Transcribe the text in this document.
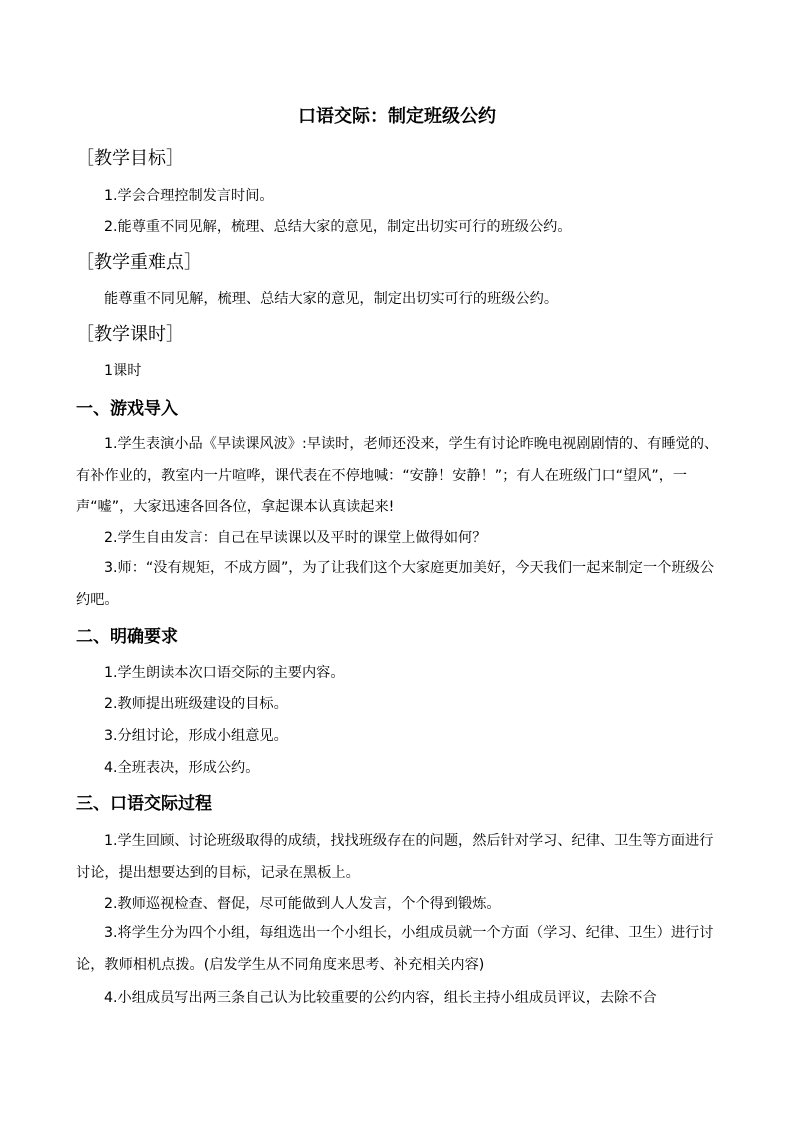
口语交际：制定班级公约
［教学目标］
1.学会合理控制发言时间。
2.能尊重不同见解，梳理、总结大家的意见，制定出切实可行的班级公约。
［教学重难点］
能尊重不同见解，梳理、总结大家的意见，制定出切实可行的班级公约。
［教学课时］
1课时
一、游戏导入
1.学生表演小品《早读课风波》:早读时，老师还没来，学生有讨论昨晚电视剧剧情的、有睡觉的、有补作业的，教室内一片喧哗，课代表在不停地喊：“安静！安静！”；有人在班级门口“望风”，一声“嘘”，大家迅速各回各位，拿起课本认真读起来!
2.学生自由发言：自己在早读课以及平时的课堂上做得如何？
3.师：“没有规矩，不成方圆”，为了让我们这个大家庭更加美好，今天我们一起来制定一个班级公约吧。
二、明确要求
1.学生朗读本次口语交际的主要内容。
2.教师提出班级建设的目标。
3.分组讨论，形成小组意见。
4.全班表决，形成公约。
三、口语交际过程
1.学生回顾、讨论班级取得的成绩，找找班级存在的问题，然后针对学习、纪律、卫生等方面进行讨论，提出想要达到的目标，记录在黑板上。
2.教师巡视检查、督促，尽可能做到人人发言，个个得到锻炼。
3.将学生分为四个小组，每组选出一个小组长，小组成员就一个方面（学习、纪律、卫生）进行讨论，教师相机点拨。(启发学生从不同角度来思考、补充相关内容)
4.小组成员写出两三条自己认为比较重要的公约内容，组长主持小组成员评议，去除不合
